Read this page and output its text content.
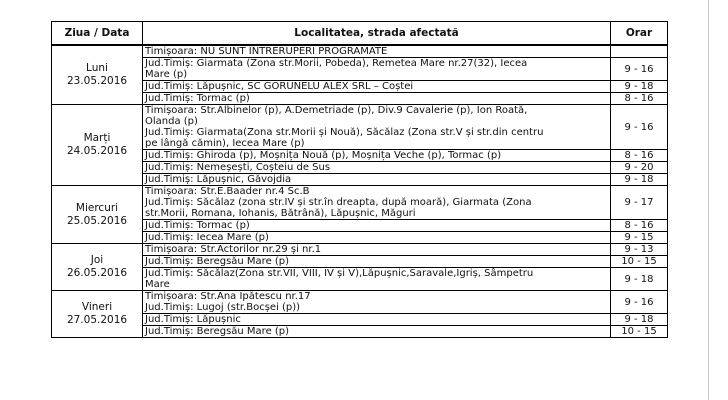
Ziua / Data	Localitatea, strada afectată	Orar

Luni
23.05.2016	Timișoara: NU SUNT ÎNTRERUPERI PROGRAMATE	

	Jud.Timiș: Giarmata (Zona str.Morii, Pobeda), Remetea Mare nr.27(32), Iecea
Mare (p)	9 - 16

	Jud.Timiș: Lăpușnic, SC GORUNELU ALEX SRL – Coștei	9 - 18

	Jud.Timiș: Tormac (p)	8 - 16

Marți
24.05.2016	Timișoara: Str.Albinelor (p), A.Demetriade (p), Div.9 Cavalerie (p), Ion Roată,
Olanda (p)
Jud.Timiș: Giarmata(Zona str.Morii și Nouă), Săcălaz (Zona str.V și str.din centru
pe lângă cămin), Iecea Mare (p)	9 - 16

	Jud.Timiș: Ghiroda (p), Moșnița Nouă (p), Moșnița Veche (p), Tormac (p)	8 - 16

	Jud.Timiș: Nemeșești, Coșteiu de Sus	9 - 20

	Jud.Timiș: Lăpușnic, Găvojdia	9 - 18

Miercuri
25.05.2016	Timișoara: Str.E.Baader nr.4 Sc.B
Jud.Timiș: Săcălaz (zona str.IV și str.în dreapta, după moară), Giarmata (Zona
str.Morii, Romana, Iohanis, Bătrână), Lăpușnic, Măguri	9 - 17

	Jud.Timiș: Tormac (p)	8 - 16

	Jud.Timiș: Iecea Mare (p)	9 - 15

Joi
26.05.2016	Timișoara: Str.Actorilor nr.29 și nr.1	9 - 13

	Jud.Timiș: Beregsău Mare (p)	10 - 15

	Jud.Timiș: Săcălaz(Zona str.VII, VIII, IV și V),Lăpușnic,Saravale,Igriș, Sâmpetru
Mare	9 - 18

Vineri
27.05.2016	Timișoara: Str.Ana Ipătescu nr.17
Jud.Timiș: Lugoj (str.Bocșei (p))	9 - 16

	Jud.Timiș: Lăpușnic	9 - 18

	Jud.Timiș: Beregsău Mare (p)	10 - 15
